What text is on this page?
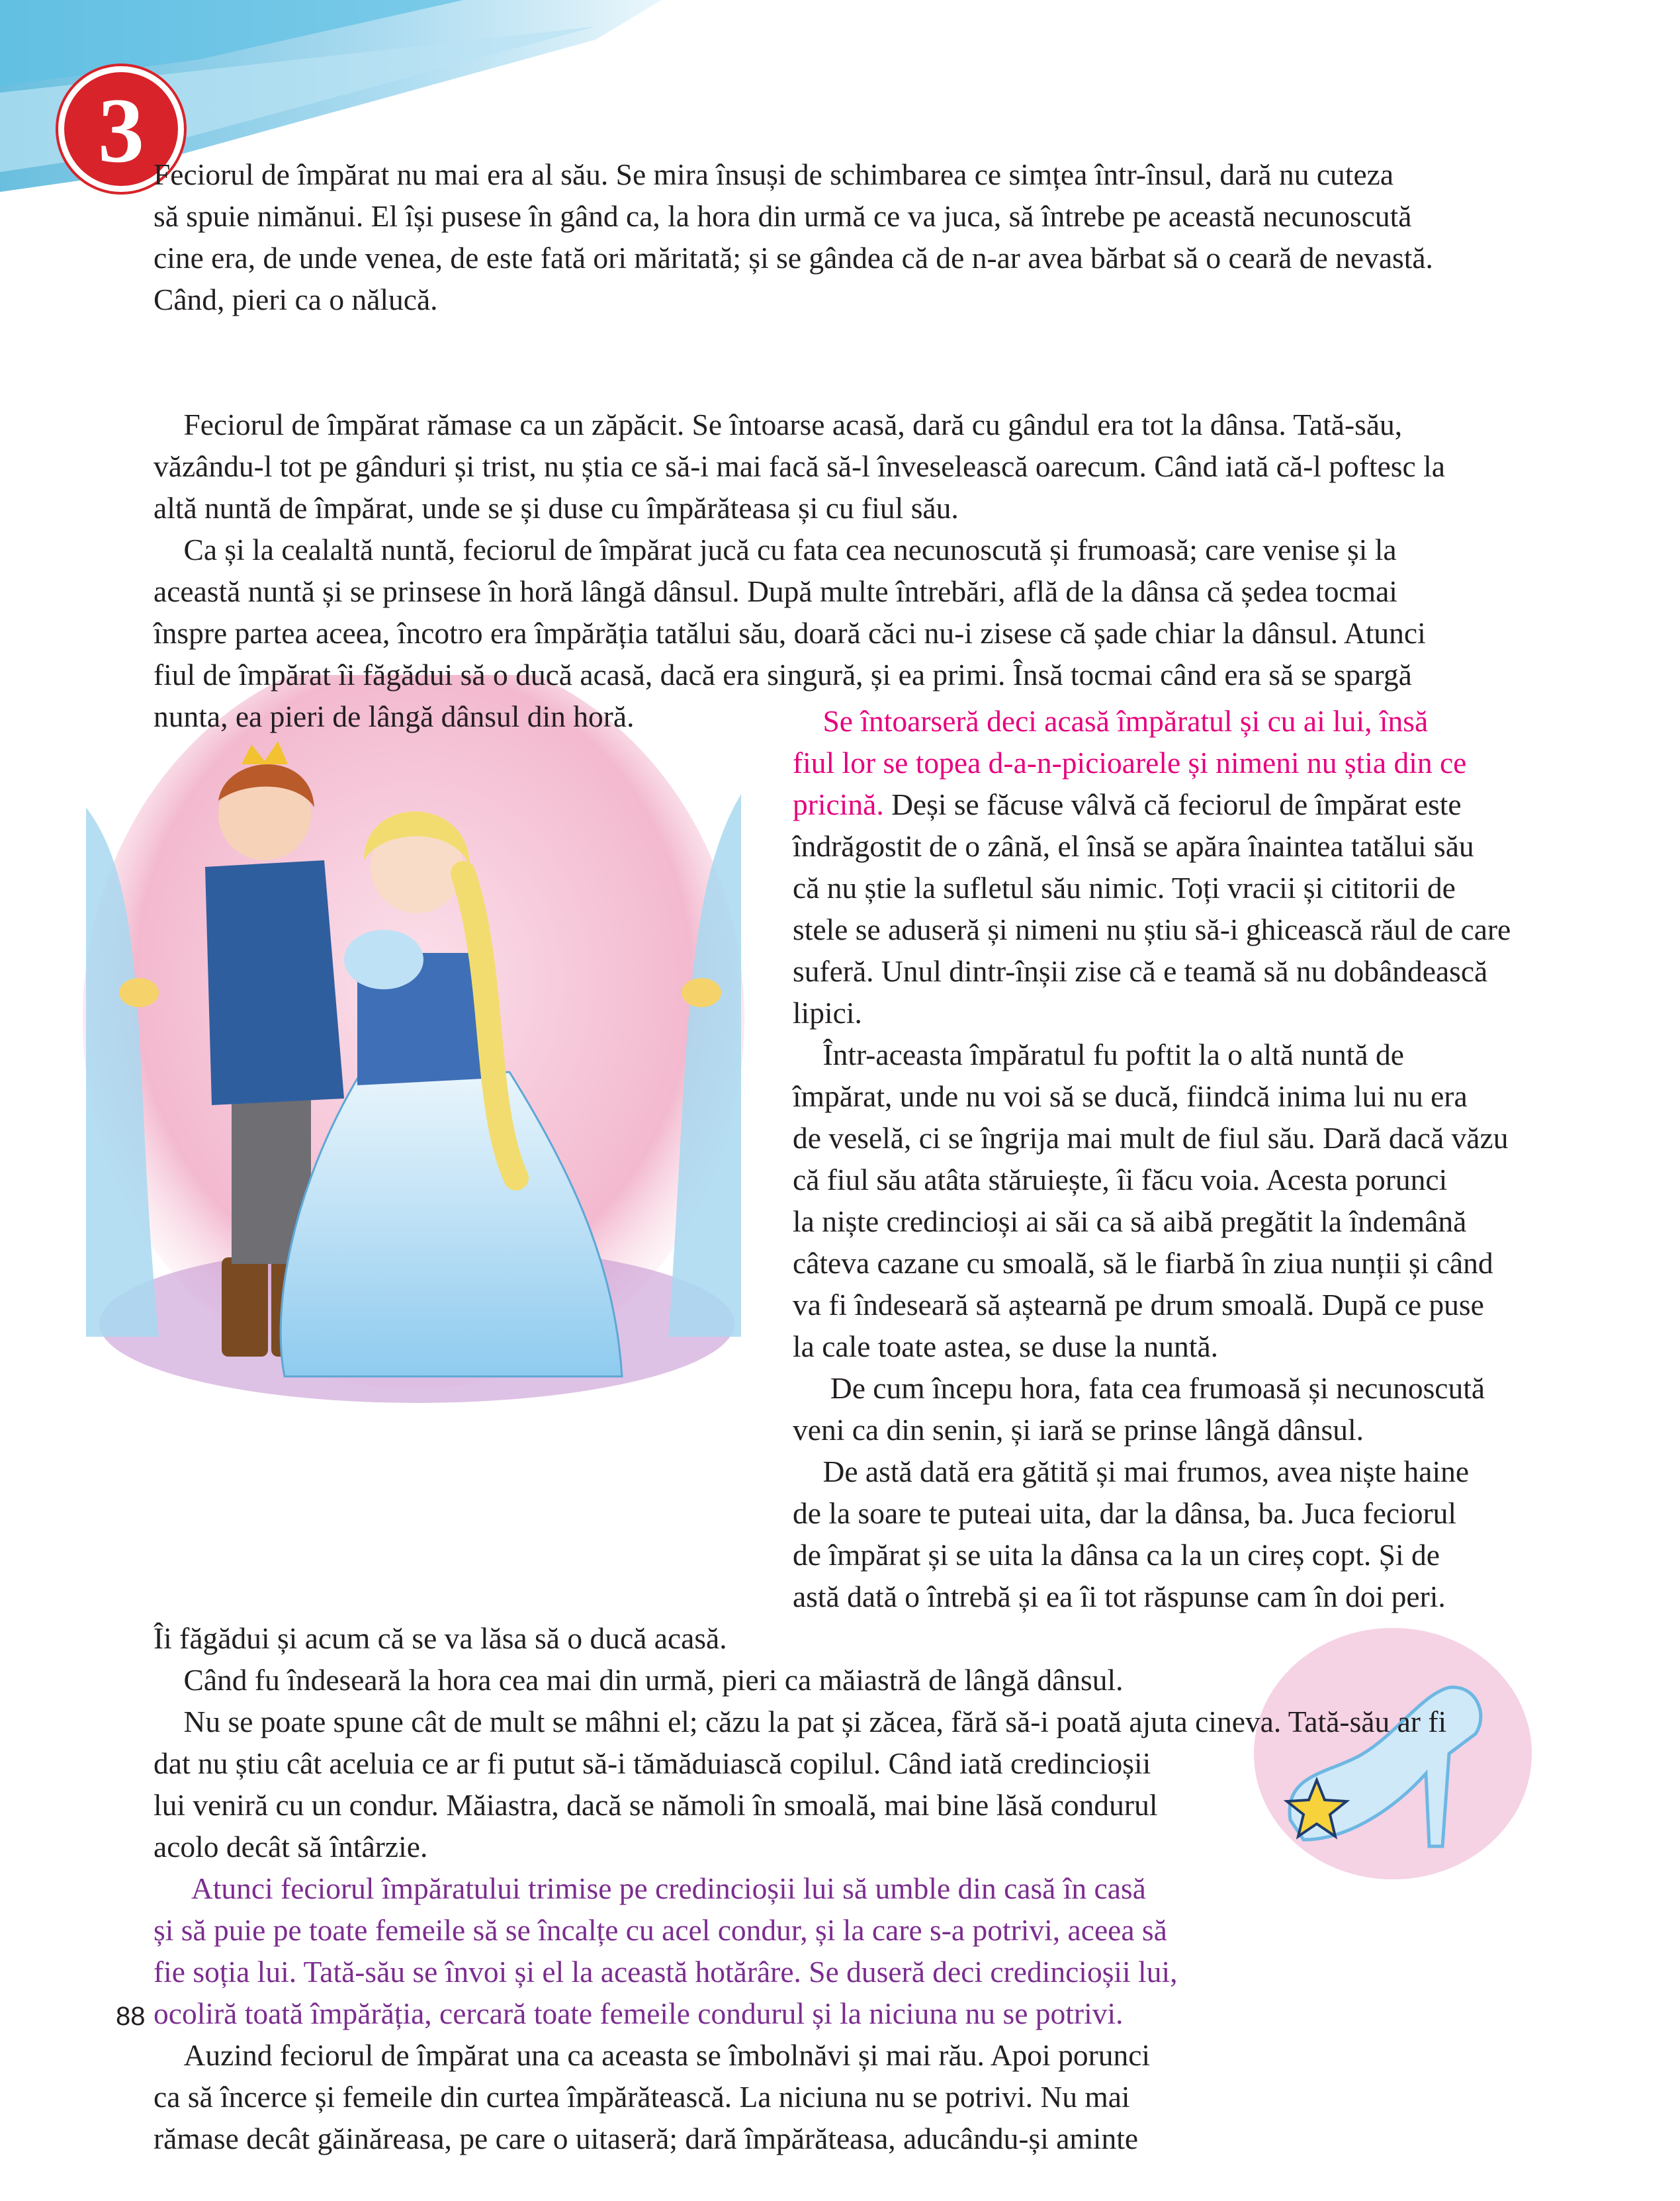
3 Feciorul de împărat nu mai era al său. Se mira însuși de schimbarea ce simțea într-însul, dară nu cuteza
să spuie nimănui. El își pusese în gând ca, la hora din urmă ce va juca, să întrebe pe această necunoscută
cine era, de unde venea, de este fată ori măritată; și se gândea că de n-ar avea bărbat să o ceară de nevastă.
Când, pieri ca o nălucă.

Feciorul de împărat rămase ca un zăpăcit. Se întoarse acasă, dară cu gândul era tot la dânsa. Tată-său,
văzându-l tot pe gânduri și trist, nu știa ce să-i mai facă să-l înveselească oarecum. Când iată că-l poftesc la
altă nuntă de împărat, unde se și duse cu împărăteasa și cu fiul său.

Ca și la cealaltă nuntă, feciorul de împărat jucă cu fata cea necunoscută și frumoasă; care venise și la
această nuntă și se prinsese în horă lângă dânsul. După multe întrebări, află de la dânsa că ședea tocmai
înspre partea aceea, încotro era împărăția tatălui său, doară căci nu-i zisese că șade chiar la dânsul. Atunci
fiul de împărat îi făgădui să o ducă acasă, dacă era singură, și ea primi. Însă tocmai când era să se spargă
nunta, ea pieri de lângă dânsul din horă.

	Se întoarseră deci acasă împăratul și cu ai lui, însă
fiul lor se topea d-a-n-picioarele și nimeni nu știa din ce
pricină. Deși se făcuse vâlvă că feciorul de împărat este
îndrăgostit de o zână, el însă se apăra înaintea tatălui său
că nu știe la sufletul său nimic. Toți vracii și cititorii de
stele se aduseră și nimeni nu știu să-i ghicească răul de care
suferă. Unul dintr-înșii zise că e teamă să nu dobândească
lipici.

Într-aceasta împăratul fu poftit la o altă nuntă de
împărat, unde nu voi să se ducă, fiindcă inima lui nu era
de veselă, ci se îngrija mai mult de fiul său. Dară dacă văzu
că fiul său atâta stăruiește, îi făcu voia. Acesta porunci
la niște credincioși ai săi ca să aibă pregătit la îndemână
câteva cazane cu smoală, să le fiarbă în ziua nunții și când
va fi îndeseară să aștearnă pe drum smoală. După ce puse
la cale toate astea, se duse la nuntă.

De cum începu hora, fata cea frumoasă și necunoscută
veni ca din senin, și iară se prinse lângă dânsul.

De astă dată era gătită și mai frumos, avea niște haine
de la soare te puteai uita, dar la dânsa, ba. Juca feciorul
de împărat și se uita la dânsa ca la un cireș copt. Și de
astă dată o întrebă și ea îi tot răspunse cam în doi peri.

Îi făgădui și acum că se va lăsa să o ducă acasă.

Când fu îndeseară la hora cea mai din urmă, pieri ca măiastră de lângă dânsul.

Nu se poate spune cât de mult se mâhni el; căzu la pat și zăcea, fără să-i poată ajuta cineva. Tată-său ar fi

dat nu știu cât aceluia ce ar fi putut să-i tămăduiască copilul. Când iată credincioșii
lui veniră cu un condur. Măiastra, dacă se nămoli în smoală, mai bine lăsă condurul
acolo decât să întârzie.

Atunci feciorul împăratului trimise pe credincioșii lui să umble din casă în casă
și să puie pe toate femeile să se încalțe cu acel condur, și la care s-a potrivi, aceea să
fie soția lui. Tată-său se învoi și el la această hotărâre. Se duseră deci credincioșii lui,
ocoliră toată împărăția, cercară toate femeile condurul și la niciuna nu se potrivi.

Auzind feciorul de împărat una ca aceasta se îmbolnăvi și mai rău. Apoi porunci
ca să încerce și femeile din curtea împărătească. La niciuna nu se potrivi. Nu mai
rămase decât găinăreasa, pe care o uitaseră; dară împărăteasa, aducându-și aminte

88
